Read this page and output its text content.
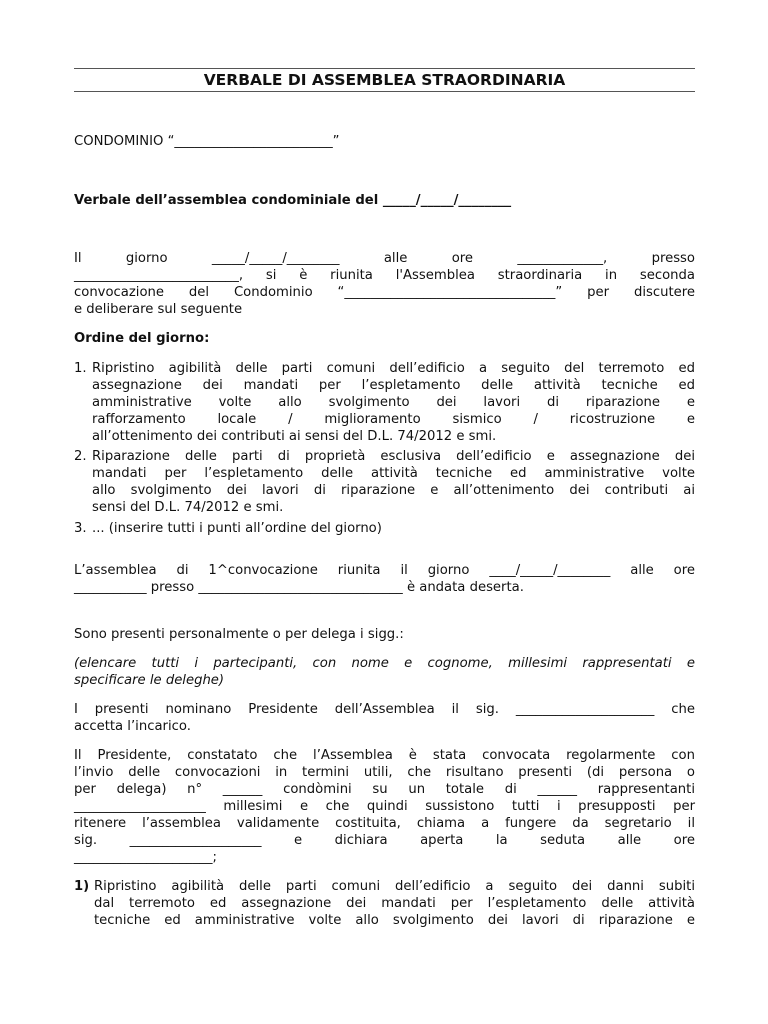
VERBALE DI ASSEMBLEA STRAORDINARIA

CONDOMINIO “________________________”

Verbale dell’assemblea condominiale del _____/_____/________

Il giorno _____/_____/________ alle ore _____________, presso
_________________________, si è riunita l'Assemblea straordinaria in seconda
convocazione del Condominio “________________________________” per discutere
e deliberare sul seguente

Ordine del giorno:

1. Ripristino agibilità delle parti comuni dell’edificio a seguito del terremoto ed
assegnazione dei mandati per l’espletamento delle attività tecniche ed
amministrative volte allo svolgimento dei lavori di riparazione e
rafforzamento locale / miglioramento sismico / ricostruzione e
all’ottenimento dei contributi ai sensi del D.L. 74/2012 e smi.
2. Riparazione delle parti di proprietà esclusiva dell’edificio e assegnazione dei
mandati per l’espletamento delle attività tecniche ed amministrative volte
allo svolgimento dei lavori di riparazione e all’ottenimento dei contributi ai
sensi del D.L. 74/2012 e smi.
3. ... (inserire tutti i punti all’ordine del giorno)
L’assemblea di 1^convocazione riunita il giorno ____/_____/________ alle ore
___________ presso _______________________________ è andata deserta.

Sono presenti personalmente o per delega i sigg.:

(elencare tutti i partecipanti, con nome e cognome, millesimi rappresentati e
specificare le deleghe)
I presenti nominano Presidente dell’Assemblea il sig. _____________________ che
accetta l’incarico.
Il Presidente, constatato che l’Assemblea è stata convocata regolarmente con
l’invio delle convocazioni in termini utili, che risultano presenti (di persona o
per delega) n° ______ condòmini su un totale di ______ rappresentanti
____________________ millesimi e che quindi sussistono tutti i presupposti per
ritenere l’assemblea validamente costituita, chiama a fungere da segretario il
sig. ____________________ e dichiara aperta la seduta alle ore
_____________________;
1) Ripristino agibilità delle parti comuni dell’edificio a seguito dei danni subiti
dal terremoto ed assegnazione dei mandati per l’espletamento delle attività
tecniche ed amministrative volte allo svolgimento dei lavori di riparazione e
